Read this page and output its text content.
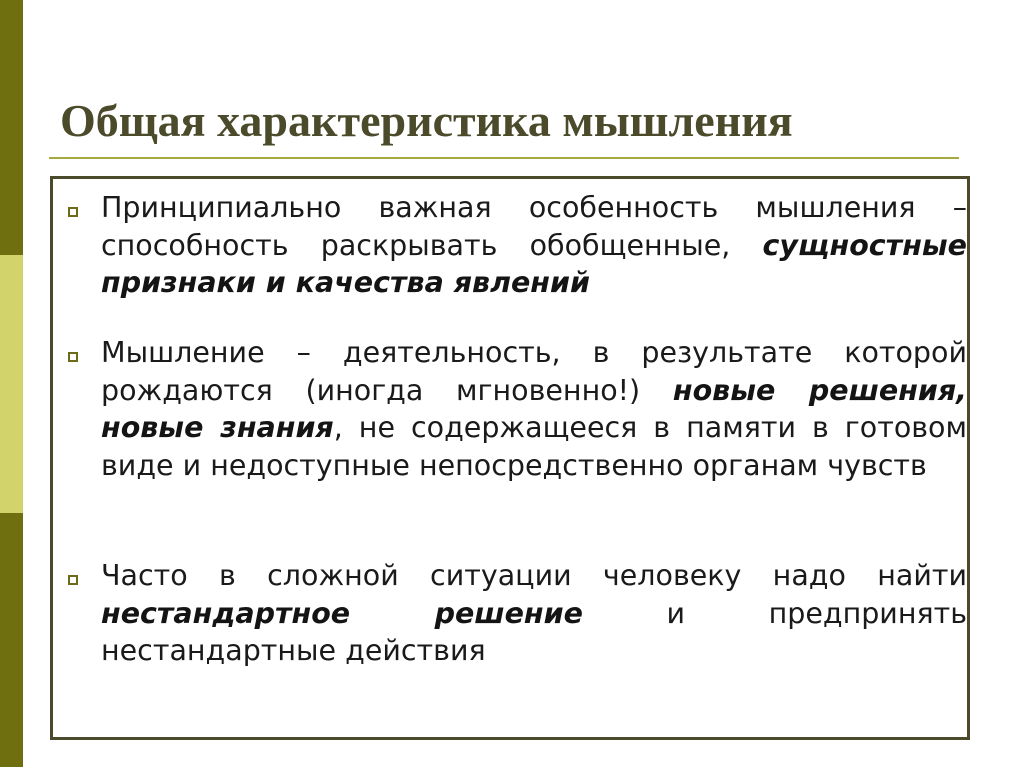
Общая характеристика мышления

Принципиально важная особенность мышления – способность раскрывать обобщенные, сущностные признаки и качества явлений

Мышление – деятельность, в результате которой рождаются (иногда мгновенно!) новые решения, новые знания, не содержащееся в памяти в готовом виде и недоступные непосредственно органам чувств

Часто в сложной ситуации человеку надо найти нестандартное решение и предпринять нестандартные действия
